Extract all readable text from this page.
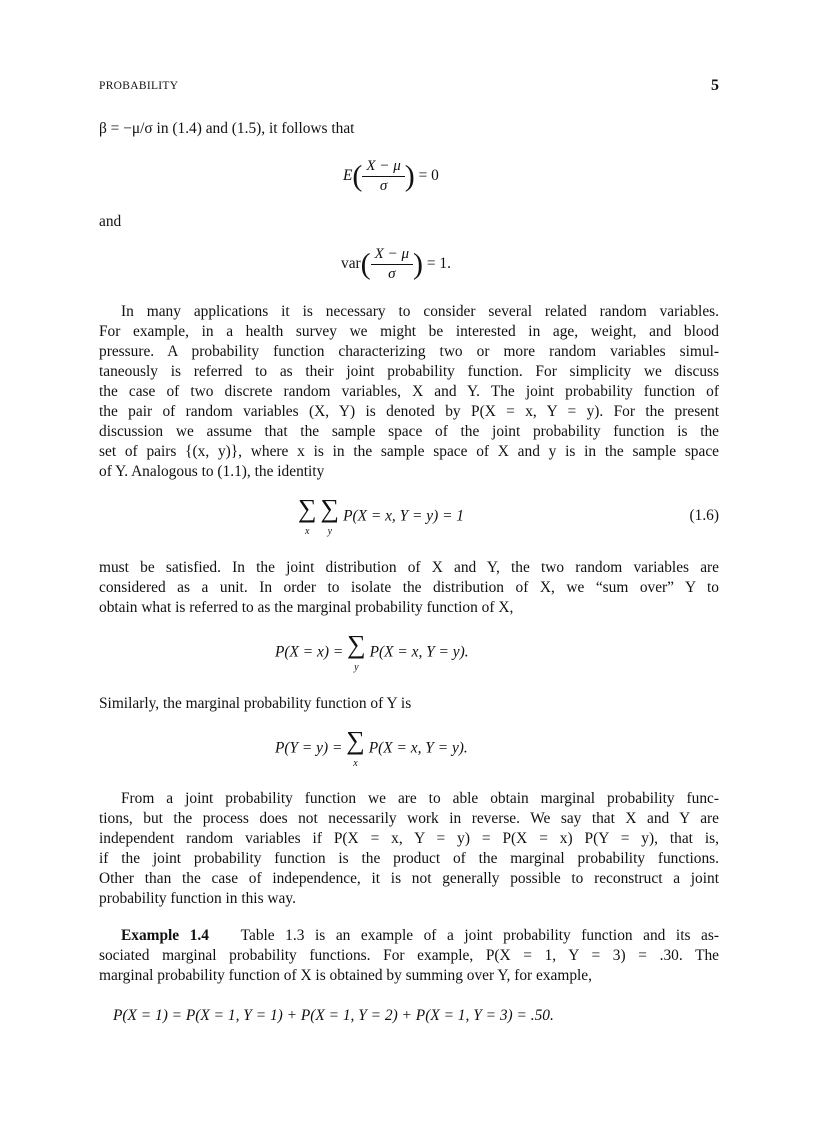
PROBABILITY	5
β = −μ/σ in (1.4) and (1.5), it follows that
$E( \frac{X - \mu}{\sigma}$ ) = 0
and
$var( \frac{X - \mu}{\sigma}$ ) = 1.
In many applications it is necessary to consider several related random variables.
For example, in a health survey we might be interested in age, weight, and blood
pressure. A probability function characterizing two or more random variables simul-
taneously is referred to as their joint probability function. For simplicity we discuss
the case of two discrete random variables, X and Y. The joint probability function of
the pair of random variables (X, Y) is denoted by P(X = x, Y = y). For the present
discussion we assume that the sample space of the joint probability function is the
set of pairs {(x, y)}, where x is in the sample space of X and y is in the sample space
of Y. Analogous to (1.1), the identity
∑
x
∑
y
P(X = x, Y = y) = 1	(1.6)
must be satisfied. In the joint distribution of X and Y, the two random variables are
considered as a unit. In order to isolate the distribution of X, we “sum over” Y to
obtain what is referred to as the marginal probability function of X,
P(X = x) = ∑
y
P(X = x, Y = y).
Similarly, the marginal probability function of Y is
P(Y = y) = ∑
x
P(X = x, Y = y).
From a joint probability function we are to able obtain marginal probability func-
tions, but the process does not necessarily work in reverse. We say that X and Y are
independent random variables if P(X = x, Y = y) = P(X = x) P(Y = y), that is,
if the joint probability function is the product of the marginal probability functions.
Other than the case of independence, it is not generally possible to reconstruct a joint
probability function in this way.
Example 1.4 Table 1.3 is an example of a joint probability function and its as-
sociated marginal probability functions. For example, P(X = 1, Y = 3) = .30. The
marginal probability function of X is obtained by summing over Y, for example,
P(X = 1) = P(X = 1, Y = 1) + P(X = 1, Y = 2) + P(X = 1, Y = 3) = .50.
